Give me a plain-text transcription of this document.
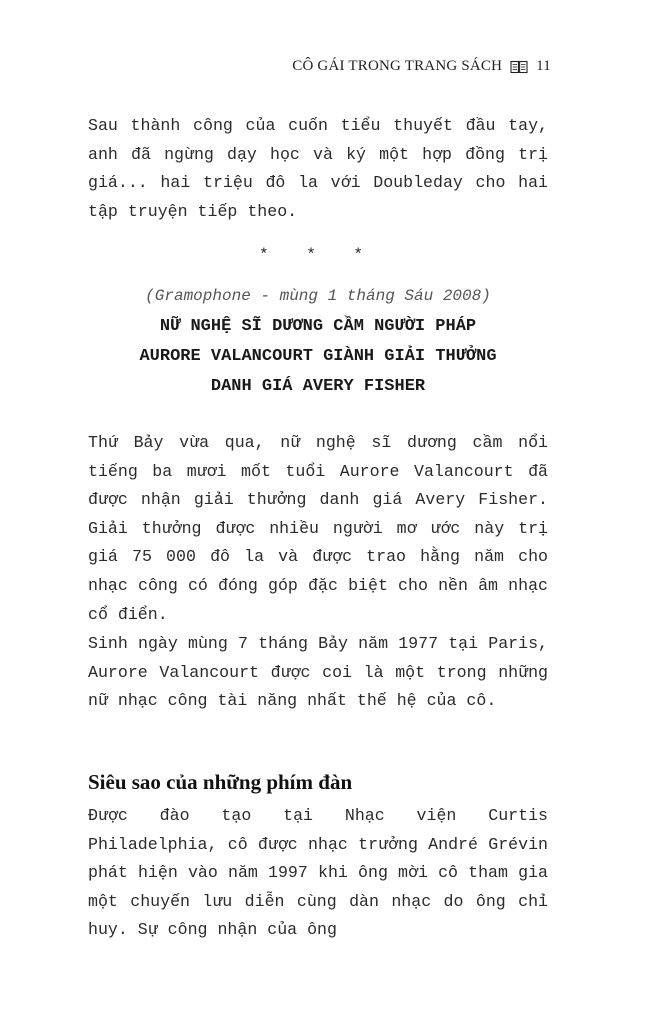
CÔ GÁI TRONG TRANG SÁCH 11

Sau thành công của cuốn tiểu thuyết đầu tay, anh đã ngừng dạy học và ký một hợp đồng trị giá... hai triệu đô la với Doubleday cho hai tập truyện tiếp theo.

* * *
(Gramophone - mùng 1 tháng Sáu 2008)
NỮ NGHỆ SĨ DƯƠNG CẦM NGƯỜI PHÁP
AURORE VALANCOURT GIÀNH GIẢI THƯỞNG
DANH GIÁ AVERY FISHER

Thứ Bảy vừa qua, nữ nghệ sĩ dương cầm nổi tiếng ba mươi mốt tuổi Aurore Valancourt đã được nhận giải thưởng danh giá Avery Fisher. Giải thưởng được nhiều người mơ ước này trị giá 75 000 đô la và được trao hằng năm cho nhạc công có đóng góp đặc biệt cho nền âm nhạc cổ điển.

Sinh ngày mùng 7 tháng Bảy năm 1977 tại Paris, Aurore Valancourt được coi là một trong những nữ nhạc công tài năng nhất thế hệ của cô.

Siêu sao của những phím đàn

Được đào tạo tại Nhạc viện Curtis Philadelphia, cô được nhạc trưởng André Grévin phát hiện vào năm 1997 khi ông mời cô tham gia một chuyến lưu diễn cùng dàn nhạc do ông chỉ huy. Sự công nhận của ông
